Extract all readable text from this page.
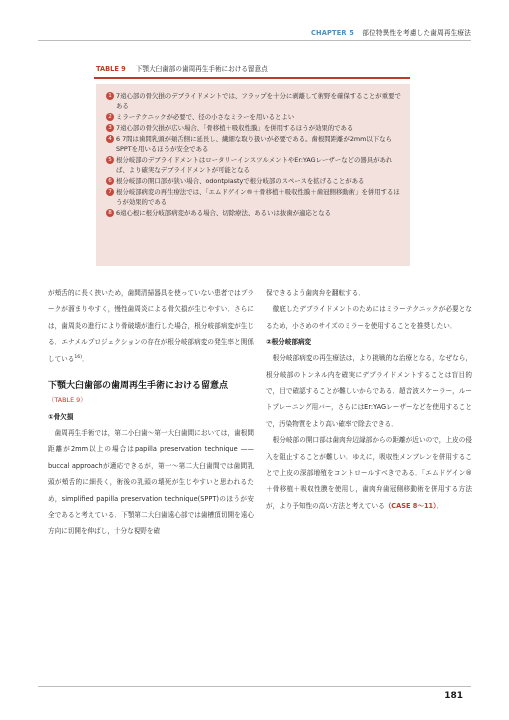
CHAPTER 5 部位特異性を考慮した歯周再生療法
TABLE 9 下顎大臼歯部の歯周再生手術における留意点
1 7遠心部の骨欠損のデブライドメントでは、フラップを十分に剥離して術野を確保することが重要である
2 ミラーテクニックが必要で、径の小さなミラーを用いるとよい
3 7遠心部の骨欠損が広い場合、「骨移植＋吸収性膜」を併用するほうが効果的である
4 6 7間は歯間乳頭が頬舌側に延長し、繊細な取り扱いが必要である。歯根間距離が2mm以下ならSPPTを用いるほうが安全である
5 根分岐部のデブライドメントはロータリーインスツルメントやEr:YAGレーザーなどの器具があれば、より確実なデブライドメントが可能となる
6 根分岐部の開口部が狭い場合、odontplastyで根分岐部のスペースを拡げることがある
7 根分岐部病変の再生療法では、「エムドゲイン®＋骨移植＋吸収性膜＋歯冠側移動術」を併用するほうが効果的である
8 6遠心根に根分岐部病変がある場合、切除療法、あるいは抜歯が適応となる

が頬舌的に長く挟いため，歯間清掃器具を使っていない患者ではプラークが溜まりやすく，慢性歯周炎による骨欠損が生じやすい．さらには，歯周炎の進行により骨破壊が進行した場合，根分岐部病変が生じる．エナメルプロジェクションの存在が根分岐部病変の発生率と関係している$^{16)}$．

下顎大臼歯部の歯周再生手術における留意点
（TABLE 9）
①骨欠損

歯周再生手術では，第二小臼歯～第一大臼歯間においては，歯根間距離が2mm以上の場合はpapilla preservation technique —— buccal approachが適応できるが，第一～第二大臼歯間では歯間乳頭が頬舌的に細長く，術後の乳頭の壊死が生じやすいと思われるため，simplified papilla preservation technique(SPPT)のほうが安全であると考えている．下顎第二大臼歯遠心部では歯槽頂切開を遠心方向に切開を伸ばし，十分な視野を確

保できるよう歯肉弁を翻転する．

徹底したデブライドメントのためにはミラーテクニックが必要となるため，小さめのサイズのミラーを使用することを推奨したい．

②根分岐部病変

根分岐部病変の再生療法は，より挑戦的な治療となる，なぜなら，根分岐部のトンネル内を確実にデブライドメントすることは盲目的で，目で確認することが難しいからである．超音波スケーラー，ルートプレーニング用バー，さらにはEr:YAGレーザーなどを使用することで，汚染物質をより高い確率で除去できる．

根分岐部の開口部は歯肉弁辺縁部からの距離が近いので，上皮の侵入を阻止することが難しい．ゆえに，吸収性メンブレンを併用することで上皮の深部増殖をコントロールすべきである．「エムドゲイン®＋骨移植＋吸収性膜を使用し，歯肉弁歯冠側移動術を併用する方法が，より予知性の高い方法と考えている（CASE 8～11）．

181
